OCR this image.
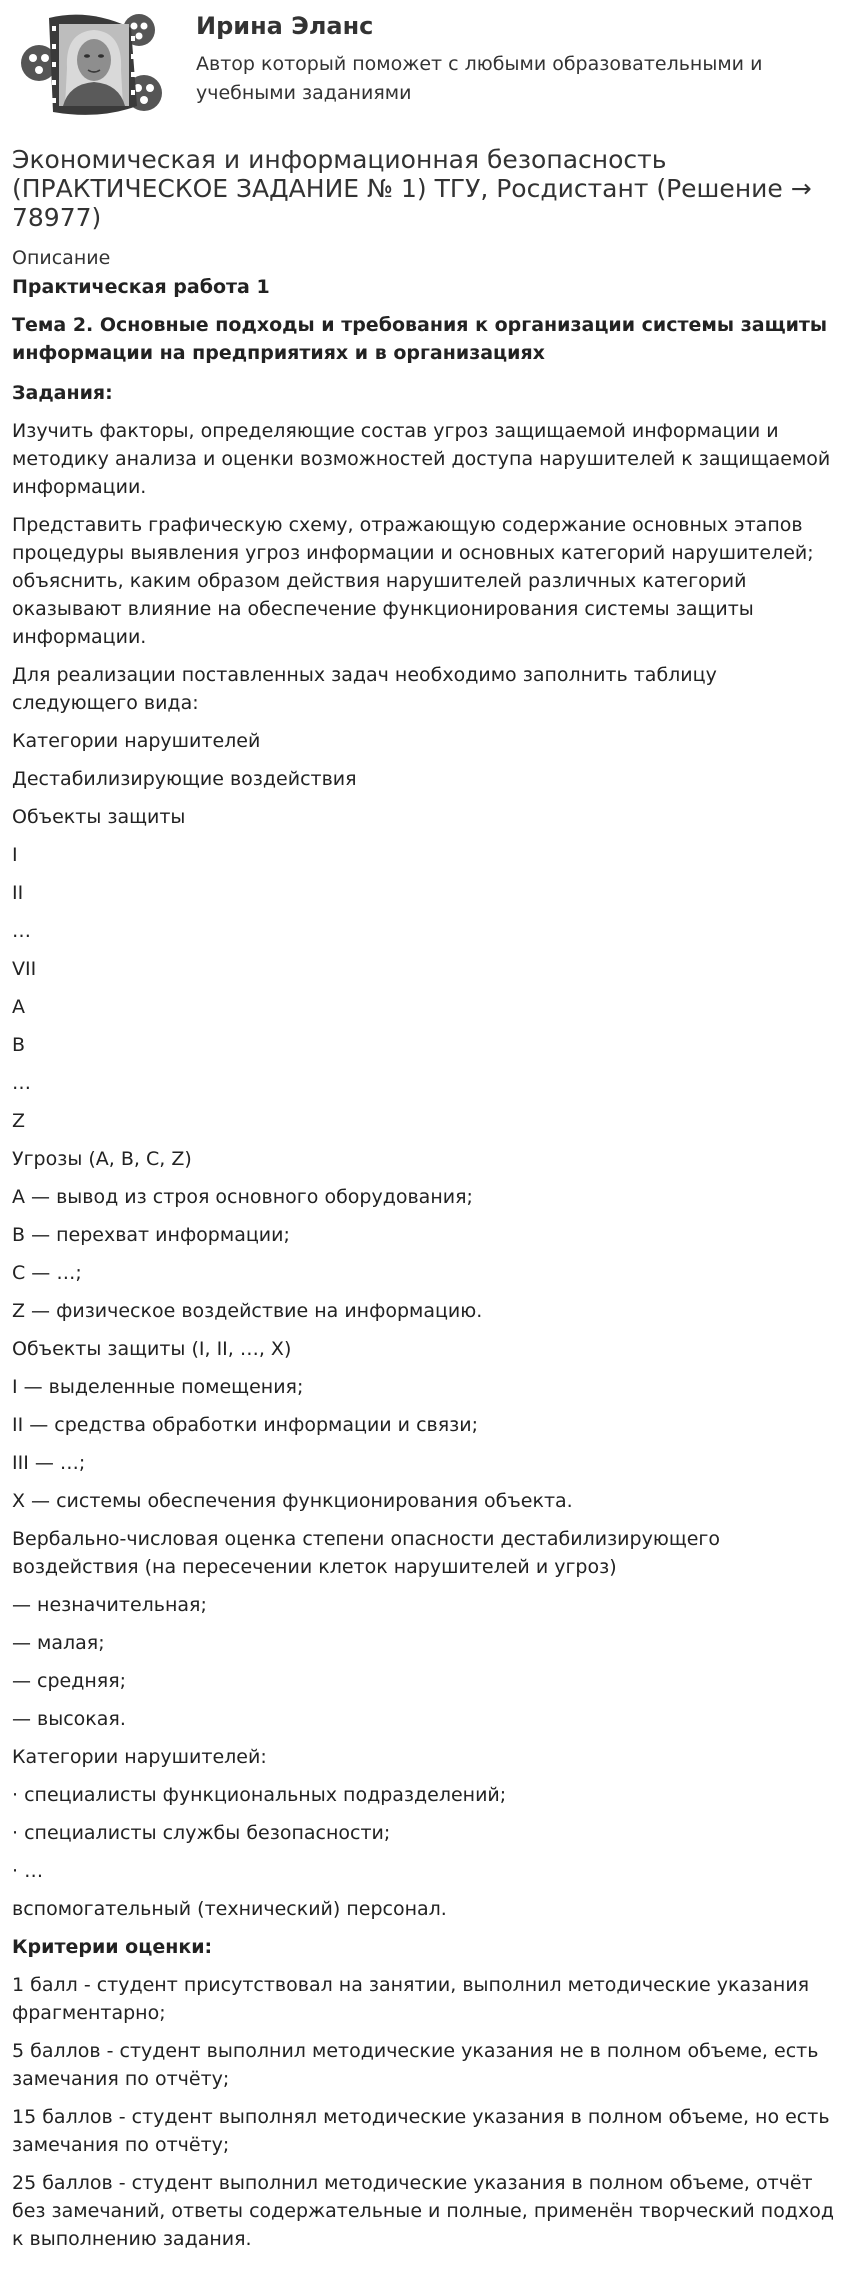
Ирина Эланс

Автор который поможет с любыми образовательными и учебными заданиями

Экономическая и информационная безопасность (ПРАКТИЧЕСКОЕ ЗАДАНИЕ № 1) ТГУ, Росдистант (Решение → 78977)
Описание

Практическая работа 1

Тема 2. Основные подходы и требования к организации системы защиты информации на предприятиях и в организациях

Задания:

Изучить факторы, определяющие состав угроз защищаемой информации и методику анализа и оценки возможностей доступа нарушителей к защищаемой информации.

Представить графическую схему, отражающую содержание основных этапов процедуры выявления угроз информации и основных категорий нарушителей; объяснить, каким образом действия нарушителей различных категорий оказывают влияние на обеспечение функционирования системы защиты информации.

Для реализации поставленных задач необходимо заполнить таблицу следующего вида:

Категории нарушителей

Дестабилизирующие воздействия

Объекты защиты

I

II

…

VII

A

B

…

Z

Угрозы (A, B, C, Z)

A — вывод из строя основного оборудования;

B — перехват информации;

C — …;

Z — физическое воздействие на информацию.

Объекты защиты (I, II, …, X)

I — выделенные помещения;

II — средства обработки информации и связи;

III — …;

X — системы обеспечения функционирования объекта.

Вербально-числовая оценка степени опасности дестабилизирующего воздействия (на пересечении клеток нарушителей и угроз)

— незначительная;

— малая;

— средняя;

— высокая.

Категории нарушителей:

· специалисты функциональных подразделений;

· специалисты службы безопасности;

· …

вспомогательный (технический) персонал.

Критерии оценки:

1 балл - студент присутствовал на занятии, выполнил методические указания фрагментарно;

5 баллов - студент выполнил методические указания не в полном объеме, есть замечания по отчёту;

15 баллов - студент выполнял методические указания в полном объеме, но есть замечания по отчёту;

25 баллов - студент выполнил методические указания в полном объеме, отчёт без замечаний, ответы содержательные и полные, применён творческий подход к выполнению задания.
